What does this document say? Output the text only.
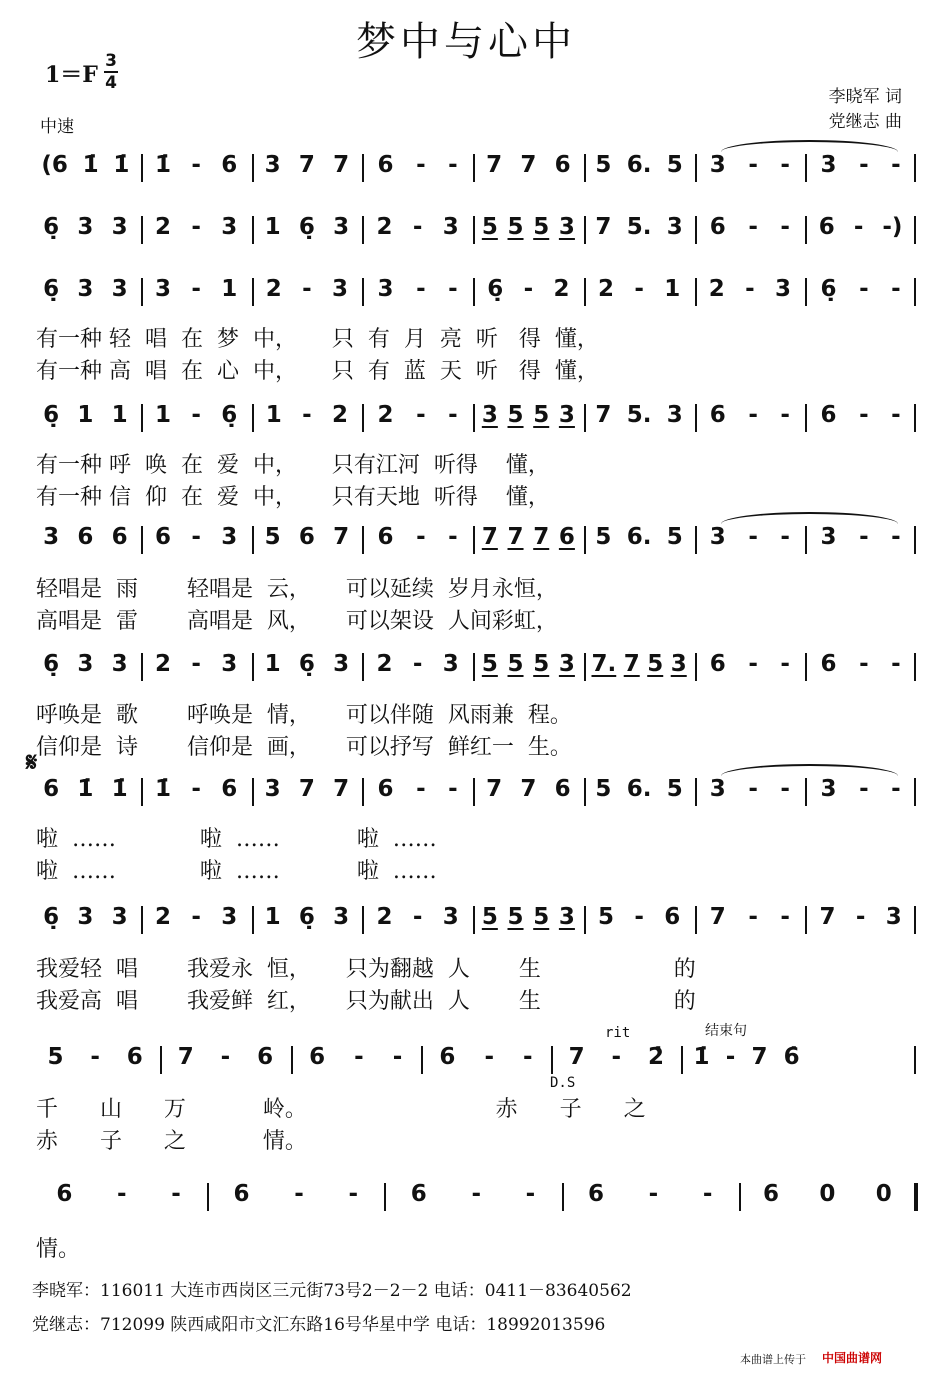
梦中与心中
1＝F
3
4
中速
李晓军 词
党继志 曲
(6 1̇ 1̇ 1̇ - 6 3 7 7 6 - - 7 7 6 5 6. 5 3 - - 3 - -
6̣ 3 3 2 - 3 1 6̣ 3 2 - 3 5 5 5 3 7 5. 3 6 - - 6 - -)
6̣ 3 3 3 - 1 2 - 3 3 - - 6̣ - 2 2 - 1 2 - 3 6̣ - -
6̣ 1 1 1 - 6̣ 1 - 2 2 - - 3 5 5 3 7 5. 3 6 - - 6 - -
3 6 6 6 - 3 5 6 7 6 - - 7 7 7 6 5 6. 5 3 - - 3 - -
6̣ 3 3 2 - 3 1 6̣ 3 2 - 3 5 5 5 3 7. 7 5 3 6 - - 6 - -
6 1̇ 1̇ 1̇ - 6 3 7 7 6 - - 7 7 6 5 6. 5 3 - - 3 - -
6̣ 3 3 2 - 3 1 6̣ 3 2 - 3 5 5 5 3 5 - 6 7 - - 7 - 3
5 - 6 7 - 6 6 - - 6 - - 7 - 2̇ 1̇ - 7 6̇
6 - - 6 - - 6 - - 6 - - 6 0 0
有一种 轻  唱  在  梦  中，     只  有  月  亮  听   得  懂，
有一种 高  唱  在  心  中，     只  有  蓝  天  听   得  懂，
有一种 呼  唤  在  爱  中，     只有江河  听得    懂，
有一种 信  仰  在  爱  中，     只有天地  听得    懂，
轻唱是  雨       轻唱是  云，     可以延续  岁月永恒，
高唱是  雷       高唱是  风，     可以架设  人间彩虹，
呼唤是  歌       呼唤是  情，     可以伴随  风雨兼  程。
信仰是  诗       信仰是  画，     可以抒写  鲜红一  生。
𝄋
啦  ……            啦  ……           啦  ……
啦  ……            啦  ……           啦  ……
我爱轻  唱       我爱永  恒，     只为翻越  人       生                   的
我爱高  唱       我爱鲜  红，     只为献出  人       生                   的
rit	结束句
D.S
千      山      万           岭。                           赤      子      之
赤      子      之           情。
情。
李晓军：116011 大连市西岗区三元街73号2－2－2 电话：0411－83640562
党继志：712099 陕西咸阳市文汇东路16号华星中学 电话：18992013596
本曲谱上传于 中国曲谱网
